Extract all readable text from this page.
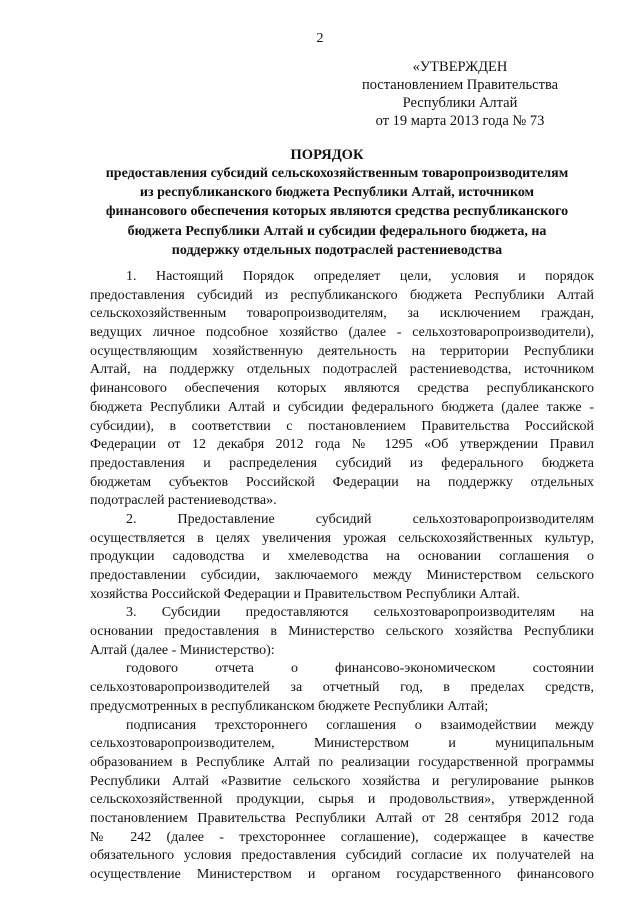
2
«УТВЕРЖДЕН
постановлением Правительства
Республики Алтай
от 19 марта 2013 года № 73
ПОРЯДОК
предоставления субсидий сельскохозяйственным товаропроизводителям
из республиканского бюджета Республики Алтай, источником
финансового обеспечения которых являются средства республиканского
бюджета Республики Алтай и субсидии федерального бюджета, на
поддержку отдельных подотраслей растениеводства
1. Настоящий Порядок определяет цели, условия и порядок
предоставления субсидий из республиканского бюджета Республики Алтай
сельскохозяйственным товаропроизводителям, за исключением граждан,
ведущих личное подсобное хозяйство (далее - сельхозтоваропроизводители),
осуществляющим хозяйственную деятельность на территории Республики
Алтай, на поддержку отдельных подотраслей растениеводства, источником
финансового обеспечения которых являются средства республиканского
бюджета Республики Алтай и субсидии федерального бюджета (далее также -
субсидии), в соответствии с постановлением Правительства Российской
Федерации от 12 декабря 2012 года № 1295 «Об утверждении Правил
предоставления и распределения субсидий из федерального бюджета
бюджетам субъектов Российской Федерации на поддержку отдельных
подотраслей растениеводства».
2. Предоставление субсидий сельхозтоваропроизводителям
осуществляется в целях увеличения урожая сельскохозяйственных культур,
продукции садоводства и хмелеводства на основании соглашения о
предоставлении субсидии, заключаемого между Министерством сельского
хозяйства Российской Федерации и Правительством Республики Алтай.
3. Субсидии предоставляются сельхозтоваропроизводителям на
основании предоставления в Министерство сельского хозяйства Республики
Алтай (далее - Министерство):
годового отчета о финансово-экономическом состоянии
сельхозтоваропроизводителей за отчетный год, в пределах средств,
предусмотренных в республиканском бюджете Республики Алтай;
подписания трехстороннего соглашения о взаимодействии между
сельхозтоваропроизводителем, Министерством и муниципальным
образованием в Республике Алтай по реализации государственной программы
Республики Алтай «Развитие сельского хозяйства и регулирование рынков
сельскохозяйственной продукции, сырья и продовольствия», утвержденной
постановлением Правительства Республики Алтай от 28 сентября 2012 года
№ 242 (далее - трехстороннее соглашение), содержащее в качестве
обязательного условия предоставления субсидий согласие их получателей на
осуществление Министерством и органом государственного финансового
